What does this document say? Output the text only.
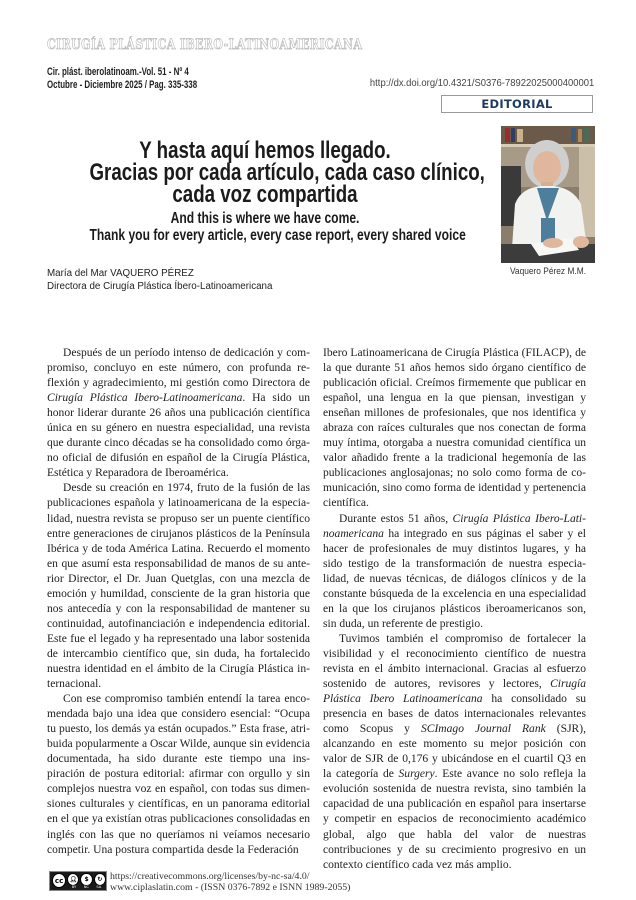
CIRUGÍA PLÁSTICA IBERO-LATINOAMERICANA
Cir. plást. iberolatinoam.-Vol. 51 - Nº 4
Octubre - Diciembre 2025 / Pag. 335-338	http://dx.doi.org/10.4321/S0376-78922025000400001
EDITORIAL
Y hasta aquí hemos llegado.
Gracias por cada artículo, cada caso clínico,
cada voz compartida
And this is where we have come.
Thank you for every article, every case report, every shared voice
Vaquero Pérez M.M.
María del Mar VAQUERO PÉREZ
Directora de Cirugía Plástica Íbero-Latinoamericana

Después de un período intenso de dedicación y compromiso, concluyo en este número, con profunda reflexión y agradecimiento, mi gestión como Directora de Cirugía Plástica Ibero-Latinoamericana. Ha sido un honor liderar durante 26 años una publicación científica única en su género en nuestra especialidad, una revista que durante cinco décadas se ha consolidado como órgano oficial de difusión en español de la Cirugía Plástica, Estética y Reparadora de Iberoamérica.

Desde su creación en 1974, fruto de la fusión de las publicaciones española y latinoamericana de la especialidad, nuestra revista se propuso ser un puente científico entre generaciones de cirujanos plásticos de la Península Ibérica y de toda América Latina. Recuerdo el momento en que asumí esta responsabilidad de manos de su anterior Director, el Dr. Juan Quetglas, con una mezcla de emoción y humildad, consciente de la gran historia que nos antecedía y con la responsabilidad de mantener su continuidad, autofinanciación e independencia editorial. Este fue el legado y ha representado una labor sostenida de intercambio científico que, sin duda, ha fortalecido nuestra identidad en el ámbito de la Cirugía Plástica internacional.

Con ese compromiso también entendí la tarea encomendada bajo una idea que considero esencial: “Ocupa tu puesto, los demás ya están ocupados.” Esta frase, atribuida popularmente a Oscar Wilde, aunque sin evidencia documentada, ha sido durante este tiempo una inspiración de postura editorial: afirmar con orgullo y sin complejos nuestra voz en español, con todas sus dimensiones culturales y científicas, en un panorama editorial en el que ya existían otras publicaciones consolidadas en inglés con las que no queríamos ni veíamos necesario competir. Una postura compartida desde la Federación

Ibero Latinoamericana de Cirugía Plástica (FILACP), de la que durante 51 años hemos sido órgano científico de publicación oficial. Creímos firmemente que publicar en español, una lengua en la que piensan, investigan y enseñan millones de profesionales, que nos identifica y abraza con raíces culturales que nos conectan de forma muy íntima, otorgaba a nuestra comunidad científica un valor añadido frente a la tradicional hegemonía de las publicaciones anglosajonas; no solo como forma de comunicación, sino como forma de identidad y pertenencia científica.

Durante estos 51 años, Cirugía Plástica Ibero-Latinoamericana ha integrado en sus páginas el saber y el hacer de profesionales de muy distintos lugares, y ha sido testigo de la transformación de nuestra especialidad, de nuevas técnicas, de diálogos clínicos y de la constante búsqueda de la excelencia en una especialidad en la que los cirujanos plásticos iberoamericanos son, sin duda, un referente de prestigio.

Tuvimos también el compromiso de fortalecer la visibilidad y el reconocimiento científico de nuestra revista en el ámbito internacional. Gracias al esfuerzo sostenido de autores, revisores y lectores, Cirugía Plástica Ibero Latinoamericana ha consolidado su presencia en bases de datos internacionales relevantes como Scopus y SCImago Journal Rank (SJR), alcanzando en este momento su mejor posición con valor de SJR de 0,176 y ubicándose en el cuartil Q3 en la categoría de Surgery. Este avance no solo refleja la evolución sostenida de nuestra revista, sino también la capacidad de una publicación en español para insertarse y competir en espacios de reconocimiento académico global, algo que habla del valor de nuestras contribuciones y de su crecimiento progresivo en un contexto científico cada vez más amplio.

cc	👤︎	$	↻
BY NC SA
https://creativecommons.org/licenses/by-nc-sa/4.0/
www.ciplaslatin.com - (ISSN 0376-7892 e ISNN 1989-2055)
